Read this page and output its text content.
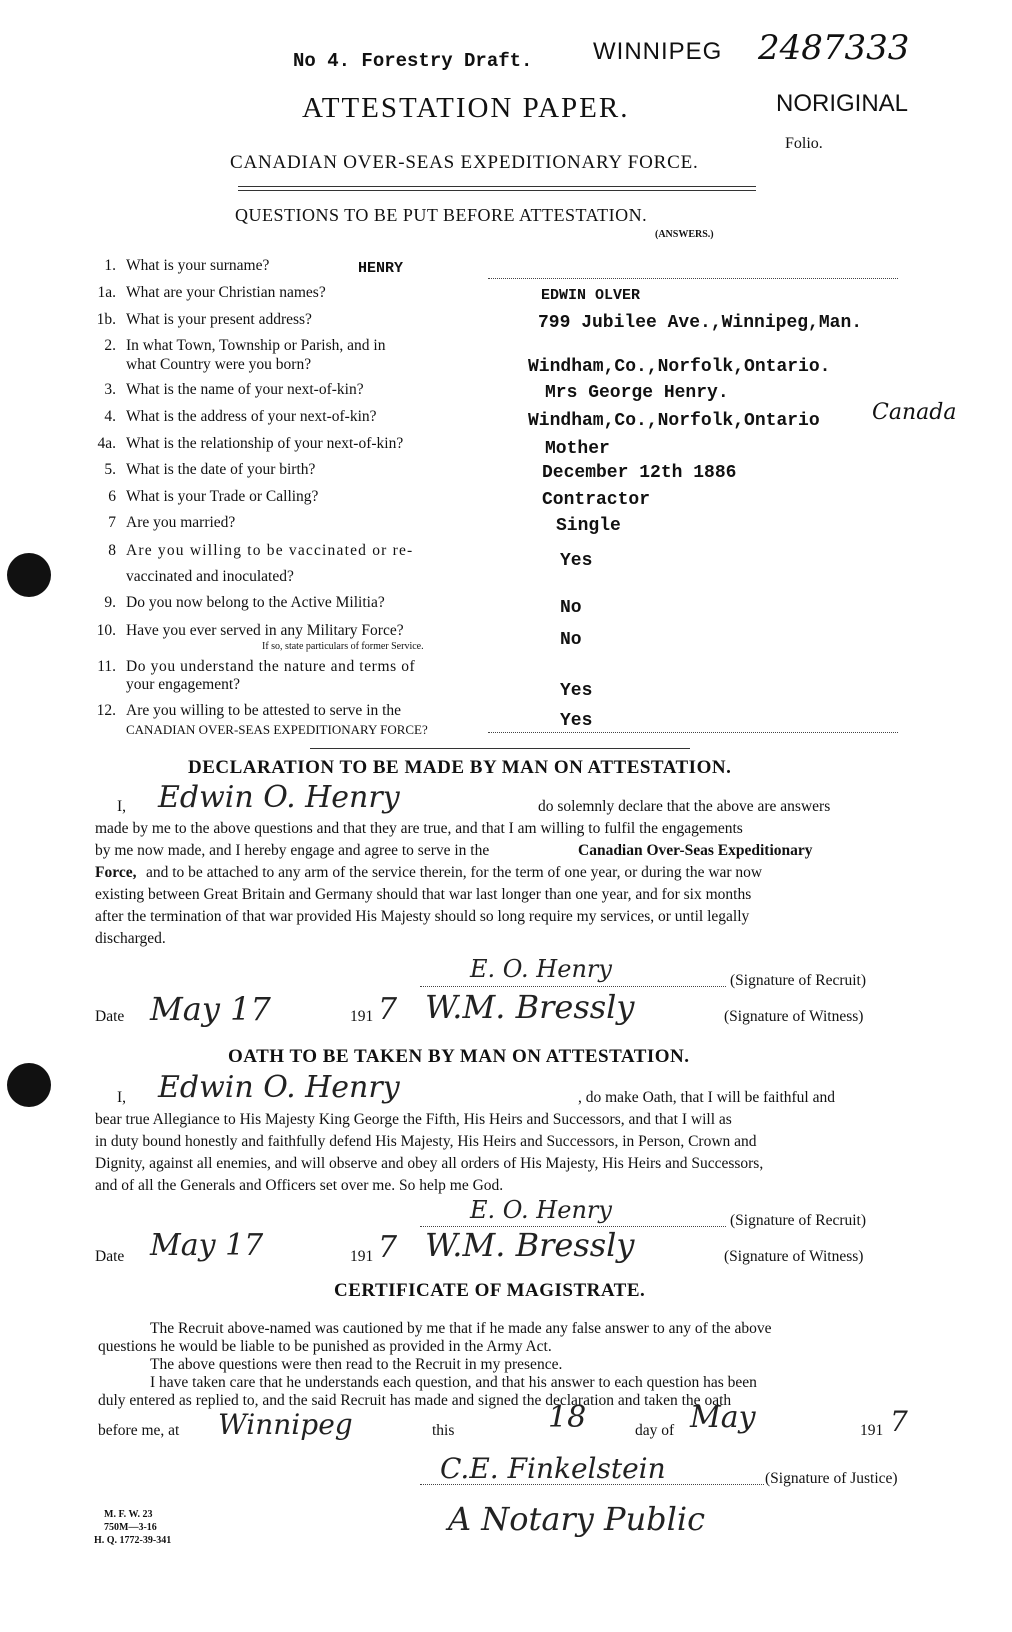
No 4. Forestry Draft.	WINNIPEG 2487333
NORIGINAL
ATTESTATION PAPER.
Folio.
CANADIAN OVER-SEAS EXPEDITIONARY FORCE.
QUESTIONS TO BE PUT BEFORE ATTESTATION.
(ANSWERS.)
1. What is your surname?	HENRY
1a. What are your Christian names?	EDWIN OLVER
1b. What is your present address?	799 Jubilee Ave.,Winnipeg,Man.
2. In what Town, Township or Parish, and in
what Country were you born?	Windham,Co.,Norfolk,Ontario.
3. What is the name of your next-of-kin?	Mrs George Henry.
4. What is the address of your next-of-kin?	Windham,Co.,Norfolk,Ontario Canada
4a. What is the relationship of your next-of-kin?	Mother
5. What is the date of your birth?	December 12th 1886
6 What is your Trade or Calling?	Contractor
7 Are you married?	Single
8 Are you willing to be vaccinated or re-
vaccinated and inoculated?
Yes
9. Do you now belong to the Active Militia?	No
10. Have you ever served in any Military Force?
If so, state particulars of former Service.	No
11. Do you understand the nature and terms of
your engagement?	Yes
12. Are you willing to be attested to serve in the
CANADIAN OVER-SEAS EXPEDITIONARY FORCE?	Yes
DECLARATION TO BE MADE BY MAN ON ATTESTATION.
I, Edwin O. Henry	do solemnly declare that the above are answers
made by me to the above questions and that they are true, and that I am willing to fulfil the engagements
by me now made, and I hereby engage and agree to serve in the	Canadian Over-Seas Expeditionary
Force, and to be attached to any arm of the service therein, for the term of one year, or during the war now
existing between Great Britain and Germany should that war last longer than one year, and for six months
after the termination of that war provided His Majesty should so long require my services, or until legally
discharged.
E. O. Henry	(Signature of Recruit)
Date May 17	191 7 W.M. Bressly	(Signature of Witness)
OATH TO BE TAKEN BY MAN ON ATTESTATION.
I, Edwin O. Henry	, do make Oath, that I will be faithful and
bear true Allegiance to His Majesty King George the Fifth, His Heirs and Successors, and that I will as
in duty bound honestly and faithfully defend His Majesty, His Heirs and Successors, in Person, Crown and
Dignity, against all enemies, and will observe and obey all orders of His Majesty, His Heirs and Successors,
and of all the Generals and Officers set over me. So help me God.
E. O. Henry	(Signature of Recruit)
Date May 17	191 7 W.M. Bressly	(Signature of Witness)
CERTIFICATE OF MAGISTRATE.
The Recruit above-named was cautioned by me that if he made any false answer to any of the above
questions he would be liable to be punished as provided in the Army Act.
The above questions were then read to the Recruit in my presence.
I have taken care that he understands each question, and that his answer to each question has been
duly entered as replied to, and the said Recruit has made and signed the declaration and taken the oath
before me, at Winnipeg	this	18	day of May	191 7
C.E. Finkelstein	(Signature of Justice)
A Notary Public
M. F. W. 23
750M—3-16
H. Q. 1772-39-341
